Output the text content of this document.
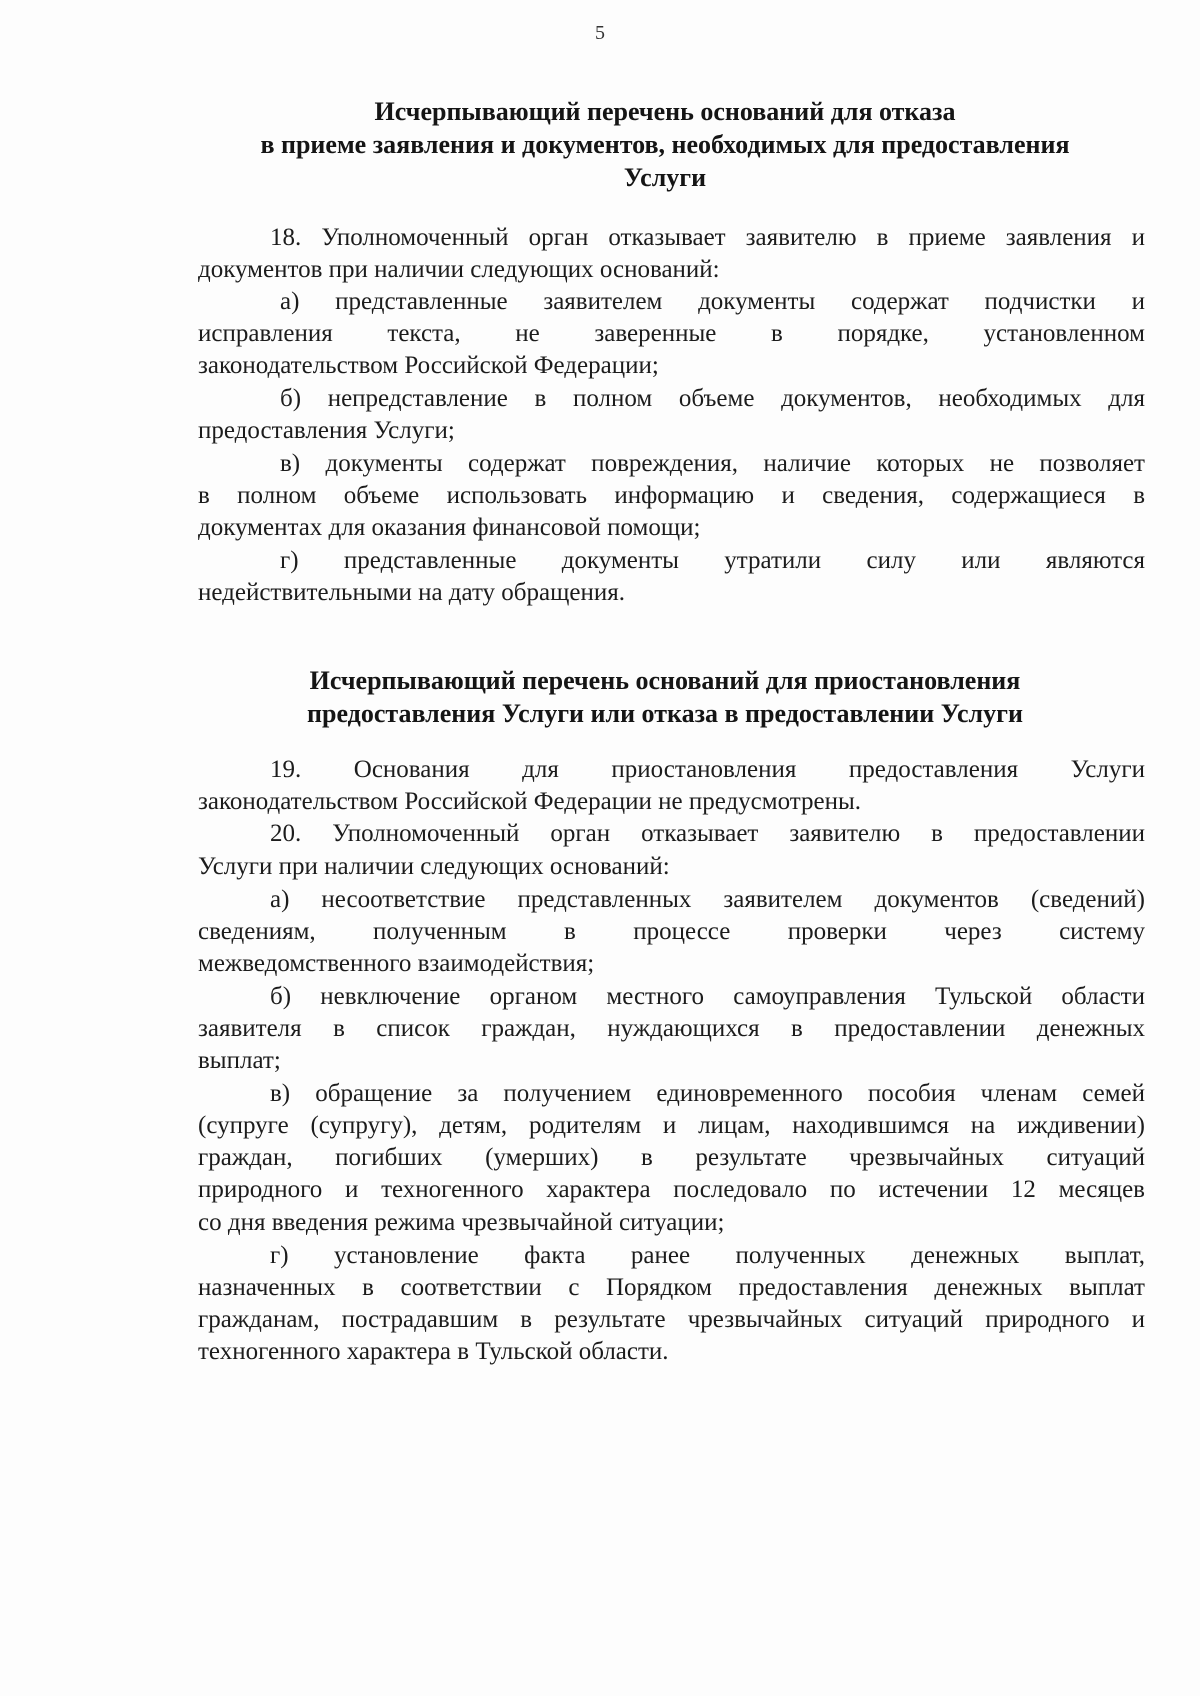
5
Исчерпывающий перечень оснований для отказа
в приеме заявления и документов, необходимых для предоставления
Услуги
18. Уполномоченный орган отказывает заявителю в приеме заявления и
документов при наличии следующих оснований:
а) представленные заявителем документы содержат подчистки и
исправления текста, не заверенные в порядке, установленном
законодательством Российской Федерации;
б) непредставление в полном объеме документов, необходимых для
предоставления Услуги;
в) документы содержат повреждения, наличие которых не позволяет
в полном объеме использовать информацию и сведения, содержащиеся в
документах для оказания финансовой помощи;
г) представленные документы утратили силу или являются
недействительными на дату обращения.
Исчерпывающий перечень оснований для приостановления
предоставления Услуги или отказа в предоставлении Услуги
19. Основания для приостановления предоставления Услуги
законодательством Российской Федерации не предусмотрены.
20. Уполномоченный орган отказывает заявителю в предоставлении
Услуги при наличии следующих оснований:
а) несоответствие представленных заявителем документов (сведений)
сведениям, полученным в процессе проверки через систему
межведомственного взаимодействия;
б) невключение органом местного самоуправления Тульской области
заявителя в список граждан, нуждающихся в предоставлении денежных
выплат;
в) обращение за получением единовременного пособия членам семей
(супруге (супругу), детям, родителям и лицам, находившимся на иждивении)
граждан, погибших (умерших) в результате чрезвычайных ситуаций
природного и техногенного характера последовало по истечении 12 месяцев
со дня введения режима чрезвычайной ситуации;
г) установление факта ранее полученных денежных выплат,
назначенных в соответствии с Порядком предоставления денежных выплат
гражданам, пострадавшим в результате чрезвычайных ситуаций природного и
техногенного характера в Тульской области.
